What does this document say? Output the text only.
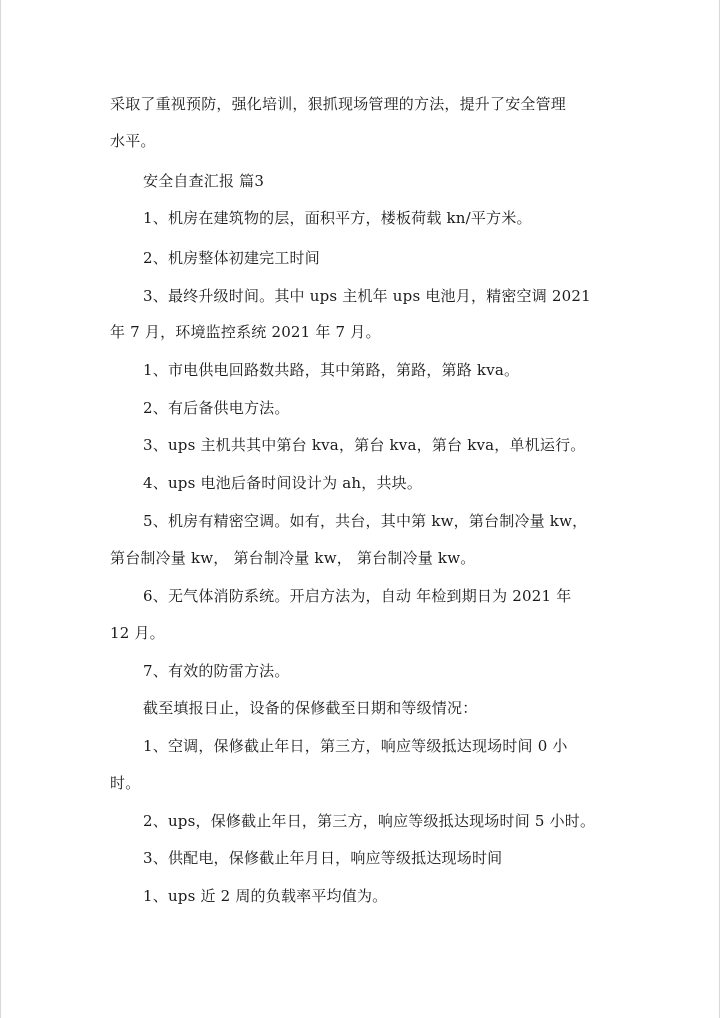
采取了重视预防，强化培训，狠抓现场管理的方法，提升了安全管理

水平。

安全自查汇报 篇3

1、机房在建筑物的层，面积平方，楼板荷载 kn/平方米。

2、机房整体初建完工时间

3、最终升级时间。其中 ups 主机年 ups 电池月，精密空调 2021

年 7 月，环境监控系统 2021 年 7 月。

1、市电供电回路数共路，其中第路，第路，第路 kva。

2、有后备供电方法。

3、ups 主机共其中第台 kva，第台 kva，第台 kva，单机运行。

4、ups 电池后备时间设计为 ah，共块。

5、机房有精密空调。如有，共台，其中第 kw，第台制冷量 kw，

第台制冷量 kw， 第台制冷量 kw， 第台制冷量 kw。

6、无气体消防系统。开启方法为，自动 年检到期日为 2021 年

12 月。

7、有效的防雷方法。

截至填报日止，设备的保修截至日期和等级情况：

1、空调，保修截止年日，第三方，响应等级抵达现场时间 0 小

时。

2、ups，保修截止年日，第三方，响应等级抵达现场时间 5 小时。

3、供配电，保修截止年月日，响应等级抵达现场时间

1、ups 近 2 周的负载率平均值为。
